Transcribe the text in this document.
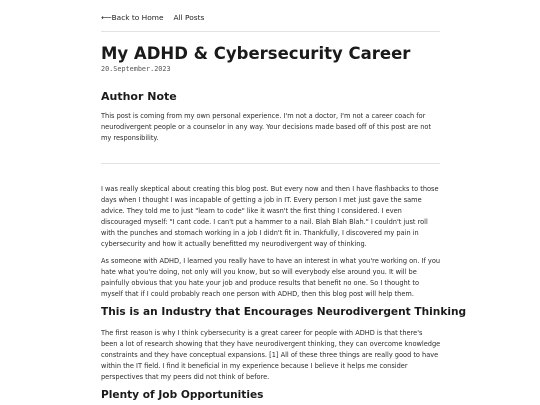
⟵Back to Home All Posts
My ADHD & Cybersecurity Career
20.September.2023
Author Note

This post is coming from my own personal experience. I'm not a doctor, I'm not a career coach for neurodivergent people or a counselor in any way. Your decisions made based off of this post are not my responsibility.

I was really skeptical about creating this blog post. But every now and then I have flashbacks to those days when I thought I was incapable of getting a job in IT. Every person I met just gave the same advice. They told me to just "learn to code" like it wasn't the first thing I considered. I even discouraged myself: "I cant code. I can't put a hammer to a nail. Blah Blah Blah." I couldn't just roll with the punches and stomach working in a job I didn't fit in. Thankfully, I discovered my pain in cybersecurity and how it actually benefitted my neurodivergent way of thinking.

As someone with ADHD, I learned you really have to have an interest in what you're working on. If you hate what you're doing, not only will you know, but so will everybody else around you. It will be painfully obvious that you hate your job and produce results that benefit no one. So I thought to myself that if I could probably reach one person with ADHD, then this blog post will help them.

This is an Industry that Encourages Neurodivergent Thinking

The first reason is why I think cybersecurity is a great career for people with ADHD is that there's been a lot of research showing that they have neurodivergent thinking, they can overcome knowledge constraints and they have conceptual expansions. [1] All of these three things are really good to have within the IT field. I find it beneficial in my experience because I believe it helps me consider perspectives that my peers did not think of before.

Plenty of Job Opportunities
